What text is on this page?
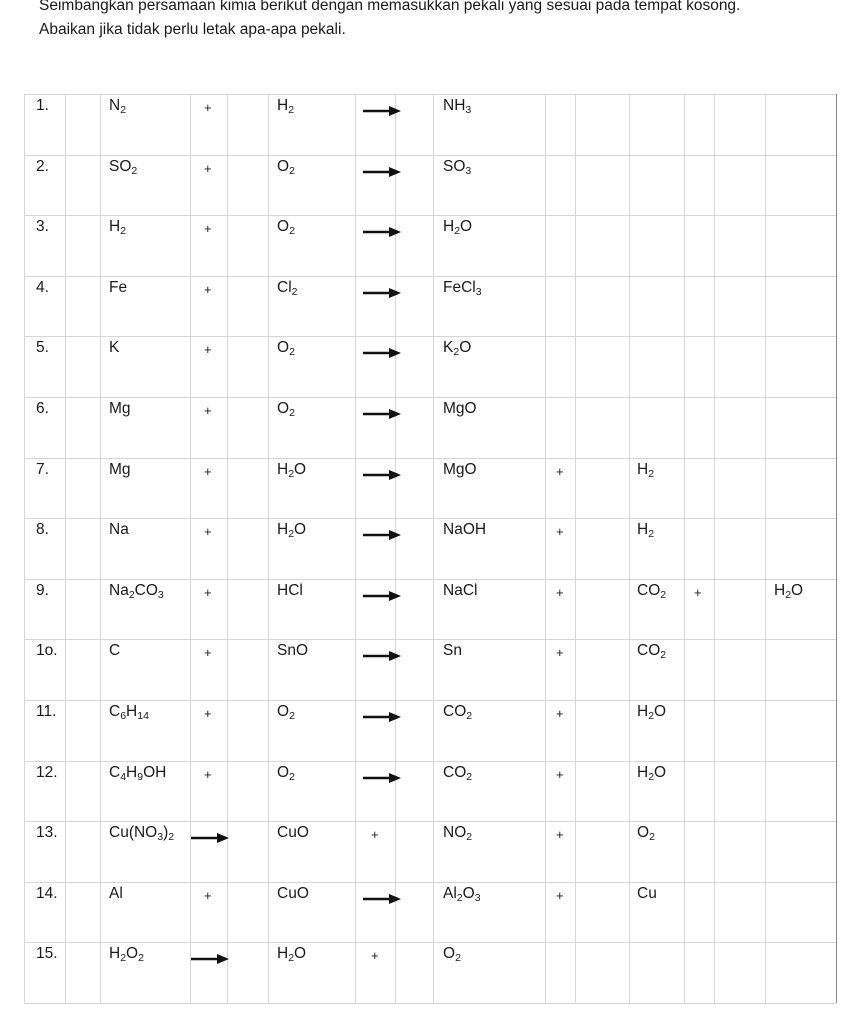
Seimbangkan persamaan kimia berikut dengan memasukkan pekali yang sesuai pada tempat kosong.
Abaikan jika tidak perlu letak apa-apa pekali.
1.	$N_2$	+	$H_2$	$NH_3$
2.	$SO_2$	+	$O_2$	$SO_3$
3.	$H_2$	+	$O_2$	$H_2O$
4.	Fe	+	$Cl_2$	FeCl$_3$
5.	K	+	$O_2$	$K_2O$
6.	Mg	+	$O_2$	MgO
7.	Mg	+	$H_2O$	MgO	+	$H_2$
8.	Na	+	$H_2O$	NaOH	+	$H_2$
9.	$Na_2CO_3$	+	HCl	NaCl	+	$CO_2$ +	$H_2O$
1o.	C	+	SnO	Sn	+	$CO_2$
11.	$C_6H_{14}$	+	$O_2$	$CO_2$	+	$H_2O$
12.	$C_4H_9OH$	+	$O_2$	$CO_2$	+	$H_2O$
13.	$Cu(NO_3)_2$	CuO	+	$NO_2$	+	$O_2$
14.	Al	+	CuO	$Al_2O_3$	+	Cu
15.	$H_2O_2$	$H_2O$	+	$O_2$
